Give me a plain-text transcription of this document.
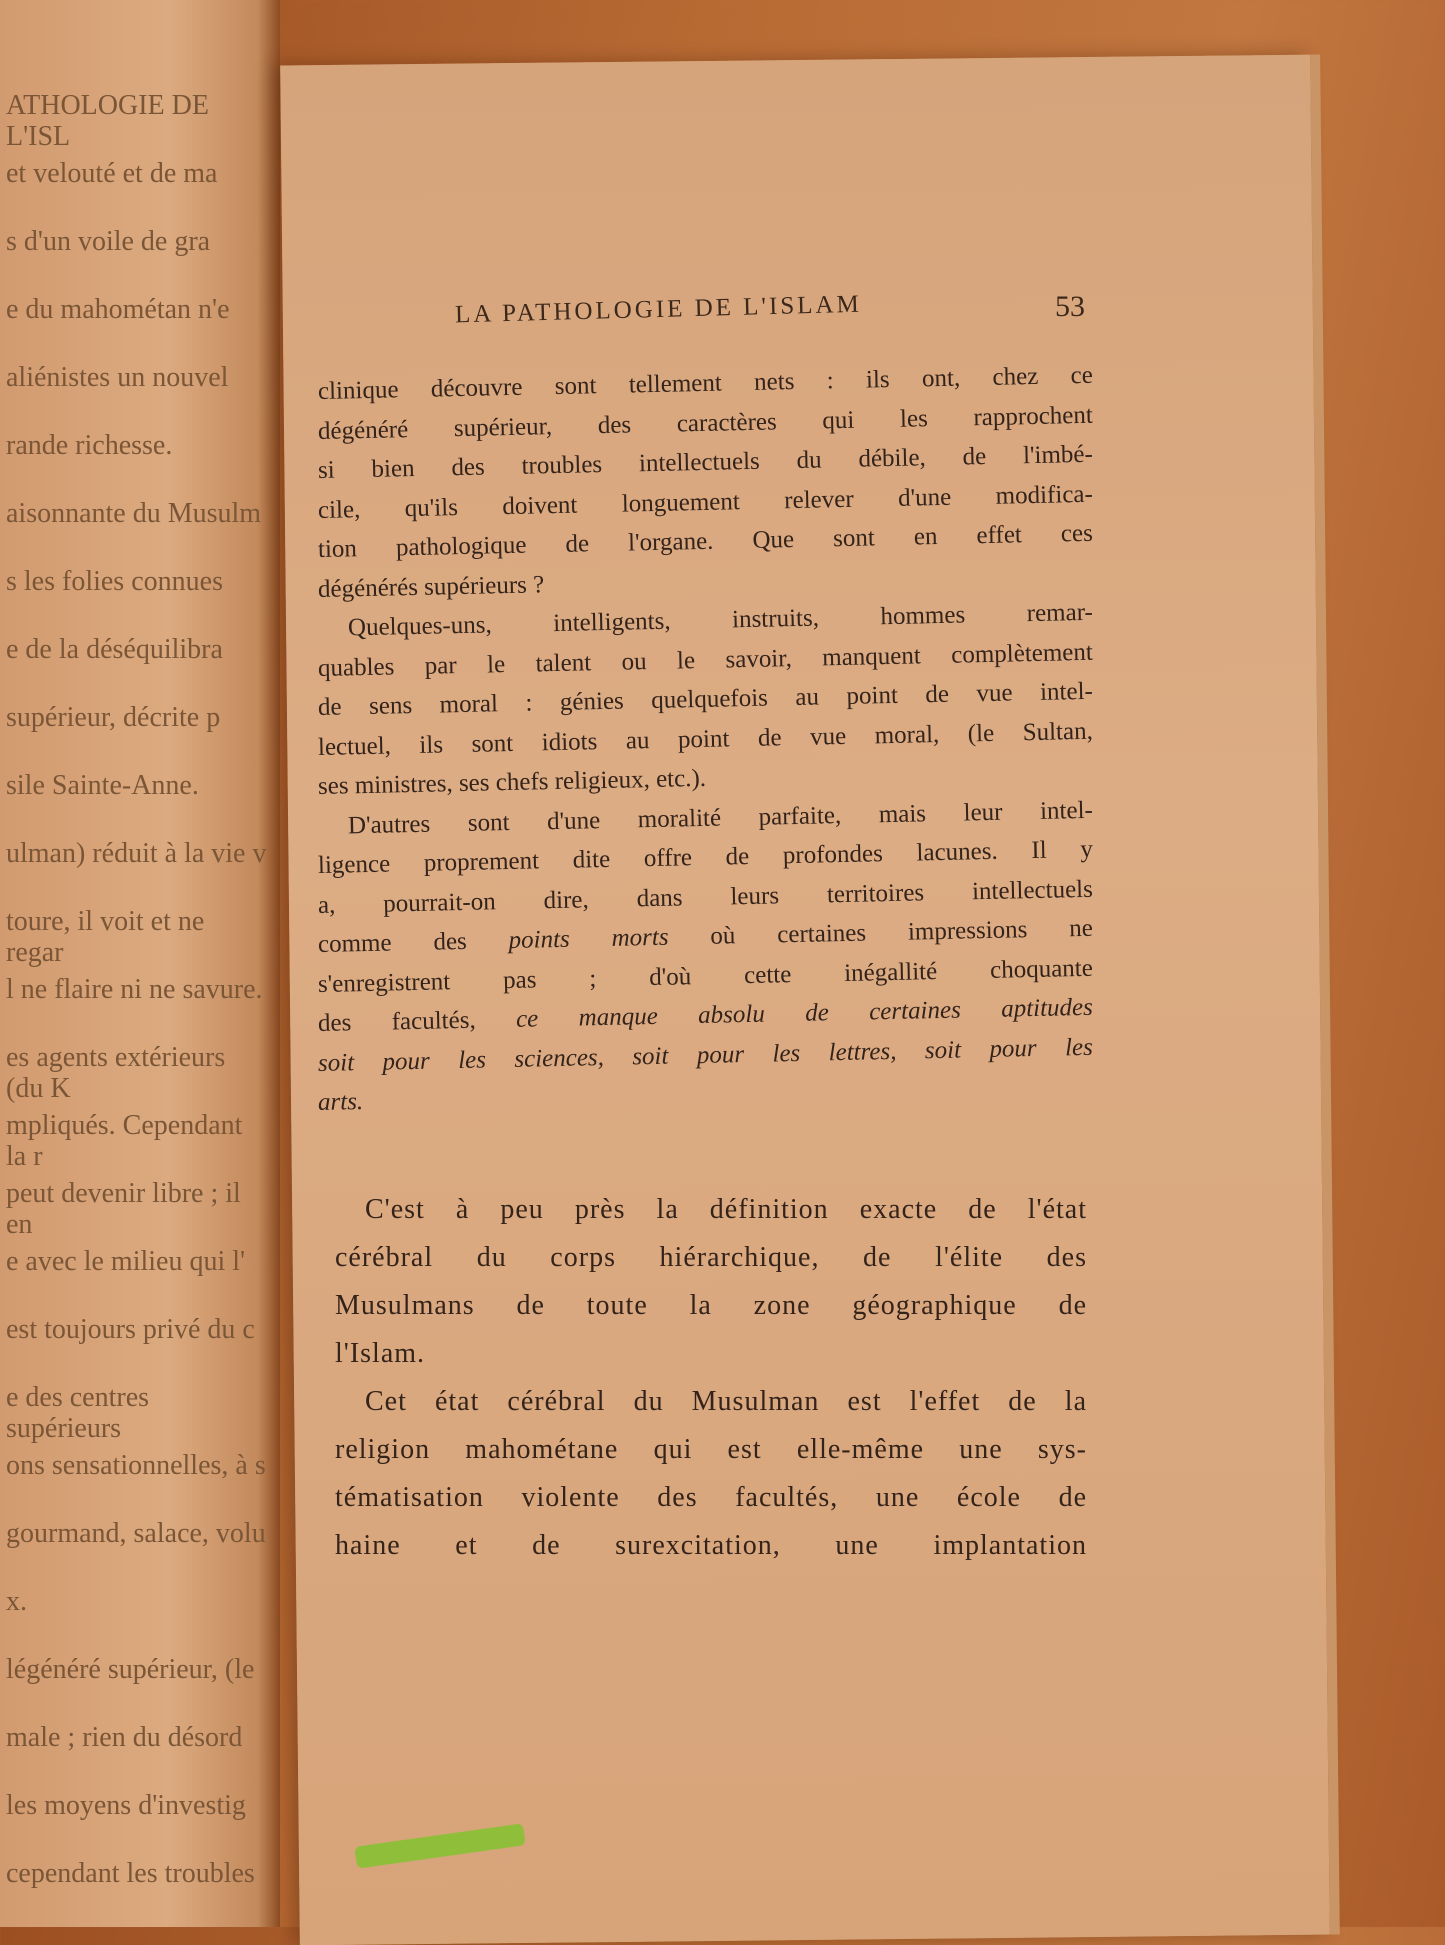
ATHOLOGIE DE L'ISL
et velouté et de ma
s d'un voile de gra
e du mahométan n'e
aliénistes un nouvel
rande richesse.
aisonnante du Musulm
s les folies connues
e de la déséquilibra
supérieur, décrite p
sile Sainte-Anne.
ulman) réduit à la vie v
toure, il voit et ne regar
l ne flaire ni ne savure.
es agents extérieurs (du K
mpliqués. Cependant la r
peut devenir libre ; il en
e avec le milieu qui l'
est toujours privé du c
e des centres supérieurs
ons sensationnelles, à s
gourmand, salace, volu
x.
légénéré supérieur, (le
male ; rien du désord
les moyens d'investig
cependant les troubles
LA PATHOLOGIE DE L'ISLAM	53
clinique découvre sont tellement nets : ils ont, chez ce
dégénéré supérieur, des caractères qui les rapprochent
si bien des troubles intellectuels du débile, de l'imbé-
cile, qu'ils doivent longuement relever d'une modifica-
tion pathologique de l'organe. Que sont en effet ces
dégénérés supérieurs ?
Quelques-uns, intelligents, instruits, hommes remar-
quables par le talent ou le savoir, manquent complètement
de sens moral : génies quelquefois au point de vue intel-
lectuel, ils sont idiots au point de vue moral, (le Sultan,
ses ministres, ses chefs religieux, etc.).
D'autres sont d'une moralité parfaite, mais leur intel-
ligence proprement dite offre de profondes lacunes. Il y
a, pourrait-on dire, dans leurs territoires intellectuels
comme des points morts où certaines impressions ne
s'enregistrent pas ; d'où cette inégallité choquante
des facultés, ce manque absolu de certaines aptitudes
soit pour les sciences, soit pour les lettres, soit pour les
arts.
C'est à peu près la définition exacte de l'état
cérébral du corps hiérarchique, de l'élite des
Musulmans de toute la zone géographique de
l'Islam.
Cet état cérébral du Musulman est l'effet de la
religion mahométane qui est elle-même une sys-
tématisation violente des facultés, une école de
haine et de surexcitation, une implantation
